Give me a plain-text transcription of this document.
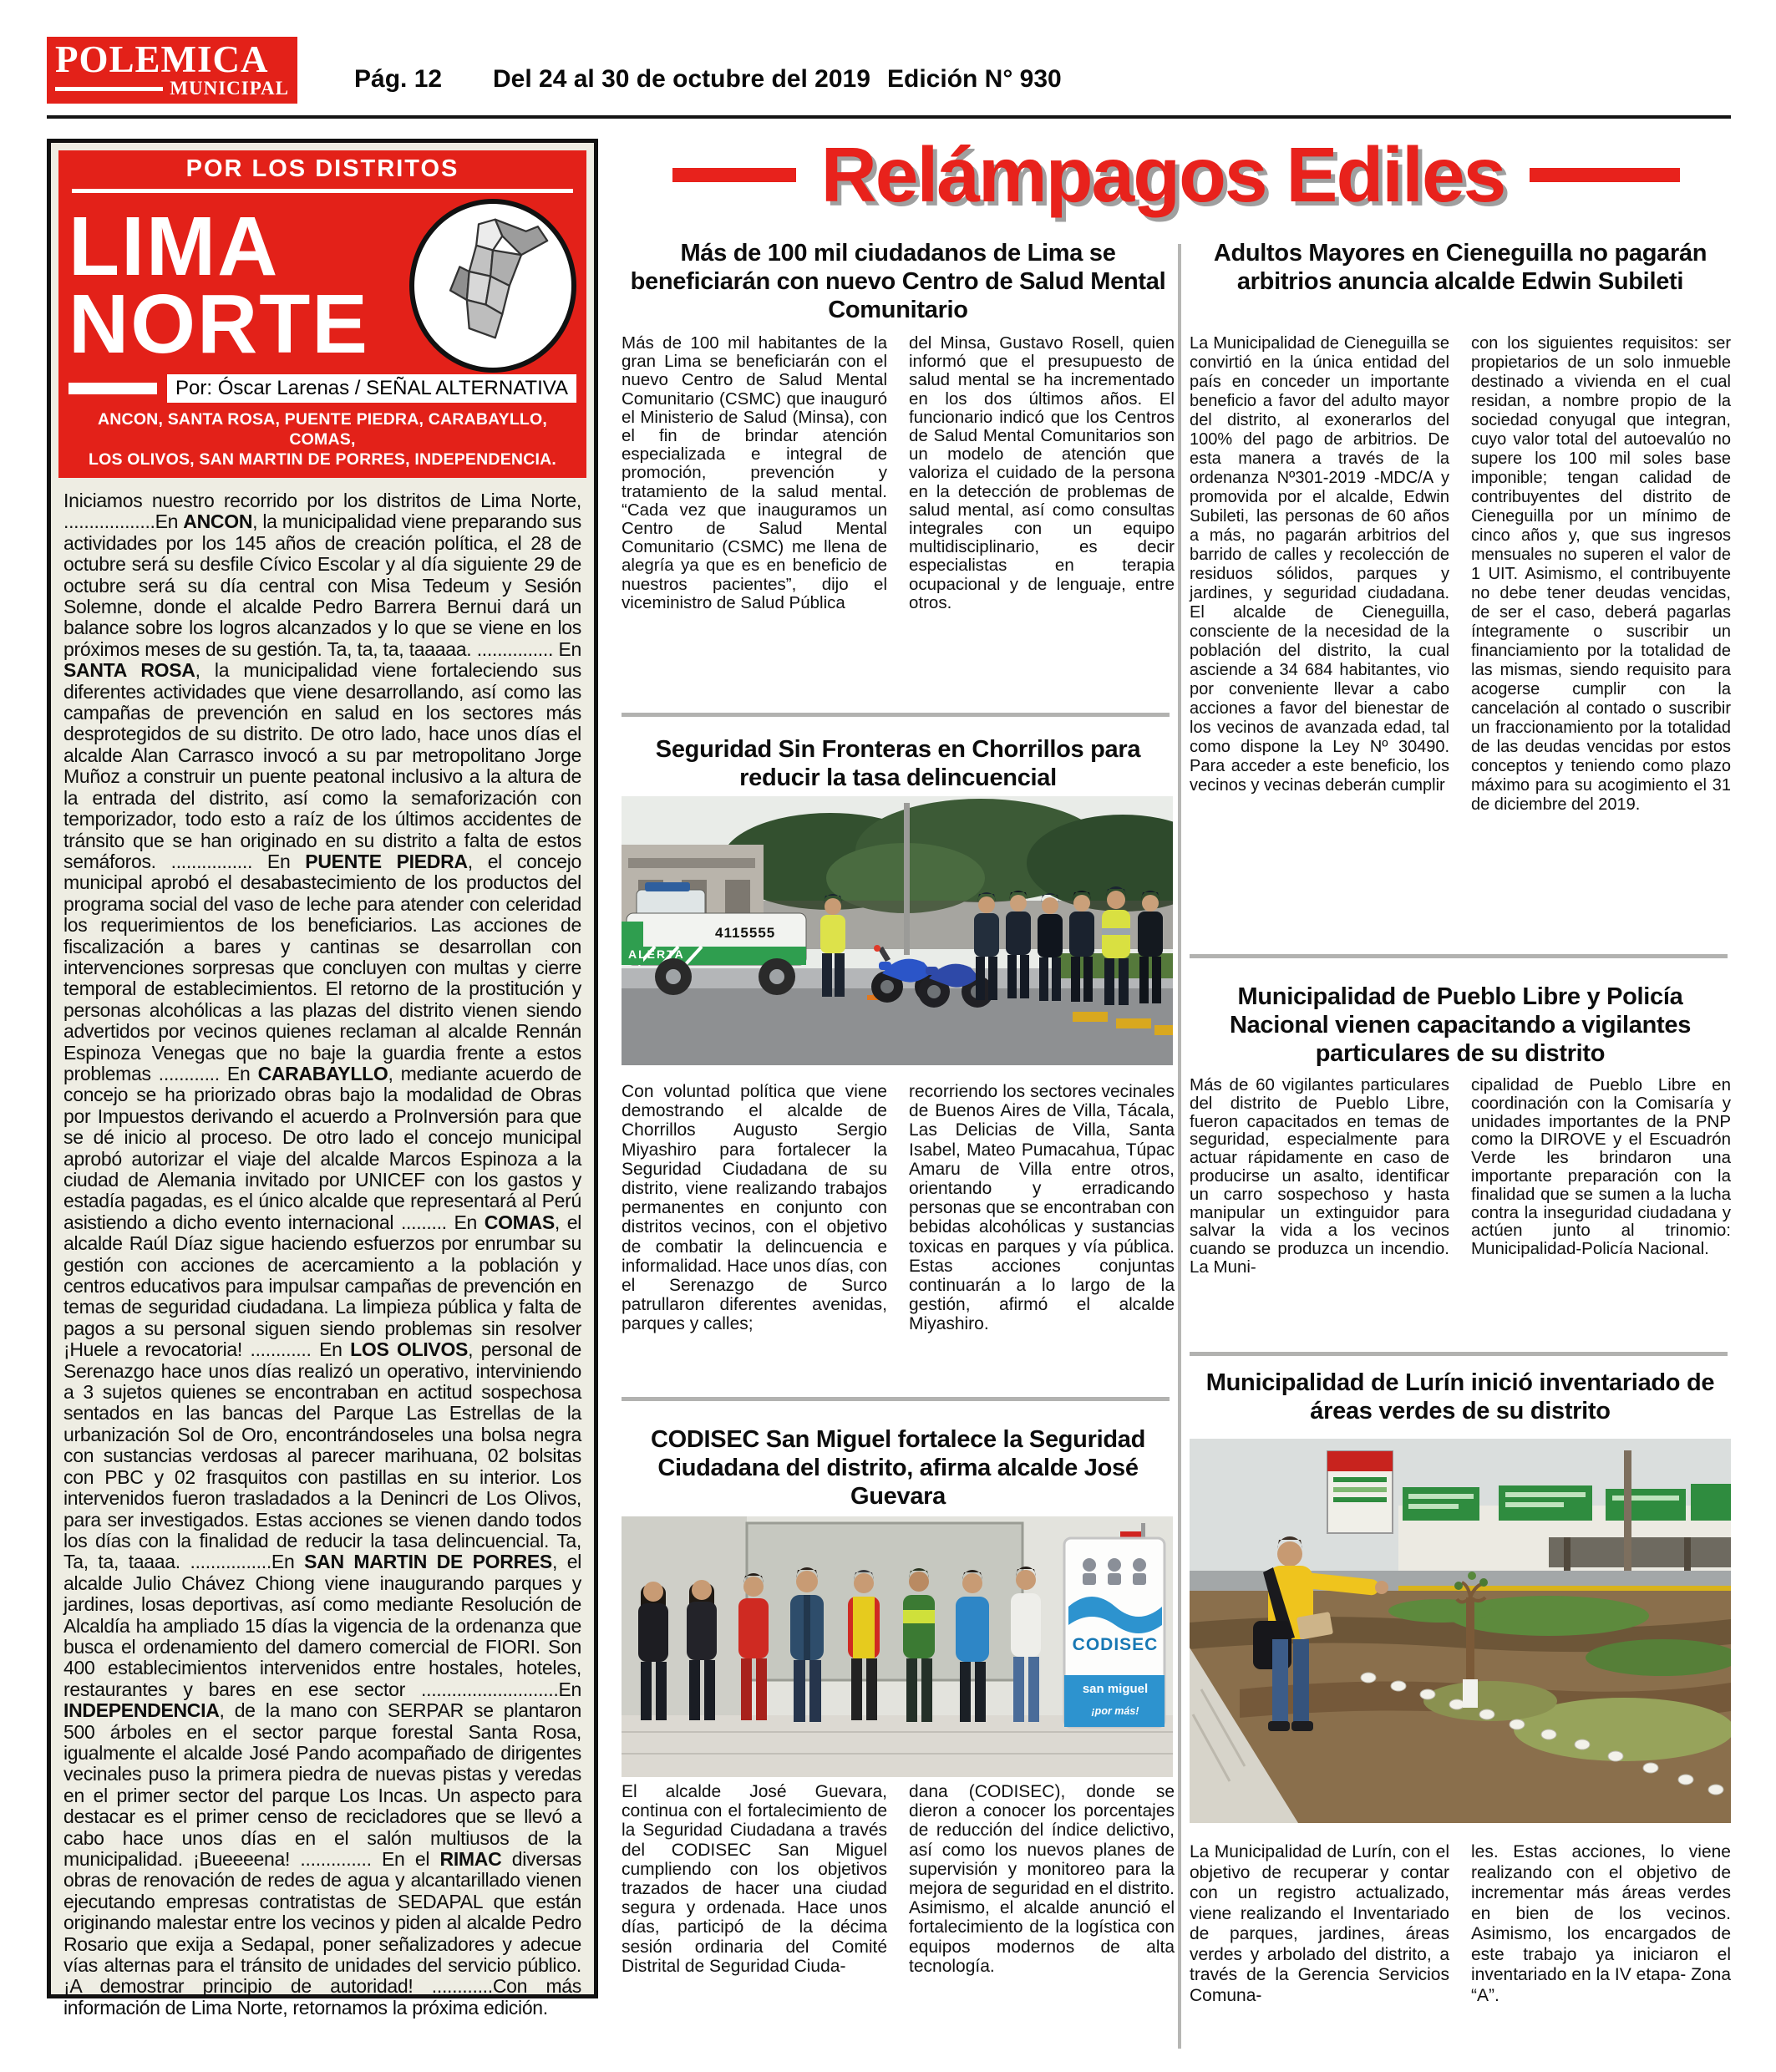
POLEMICA
MUNICIPAL	Pág. 12 Del 24 al 30 de octubre del 2019 Edición N° 930
Relámpagos Ediles
POR LOS DISTRITOS
LIMA
NORTE
Por: Óscar Larenas / SEÑAL ALTERNATIVA
ANCON, SANTA ROSA, PUENTE PIEDRA, CARABAYLLO, COMAS,
LOS OLIVOS, SAN MARTIN DE PORRES, INDEPENDENCIA.
Iniciamos nuestro recorrido por los distritos de Lima Norte, ..................En ANCON, la municipalidad viene preparando sus actividades por los 145 años de creación política, el 28 de octubre será su desfile Cívico Escolar y al día siguiente 29 de octubre será su día central con Misa Tedeum y Sesión Solemne, donde el alcalde Pedro Barrera Bernui dará un balance sobre los logros alcanzados y lo que se viene en los próximos meses de su gestión. Ta, ta, ta, taaaaa. ............... En SANTA ROSA, la municipalidad viene fortaleciendo sus diferentes actividades que viene desarrollando, así como las campañas de prevención en salud en los sectores más desprotegidos de su distrito. De otro lado, hace unos días el alcalde Alan Carrasco invocó a su par metropolitano Jorge Muñoz a construir un puente peatonal inclusivo a la altura de la entrada del distrito, así como la semaforización con temporizador, todo esto a raíz de los últimos accidentes de tránsito que se han originado en su distrito a falta de estos semáforos. ................ En PUENTE PIEDRA, el concejo municipal aprobó el desabastecimiento de los productos del programa social del vaso de leche para atender con celeridad los requerimientos de los beneficiarios. Las acciones de fiscalización a bares y cantinas se desarrollan con intervenciones sorpresas que concluyen con multas y cierre temporal de establecimientos. El retorno de la prostitución y personas alcohólicas a las plazas del distrito vienen siendo advertidos por vecinos quienes reclaman al alcalde Rennán Espinoza Venegas que no baje la guardia frente a estos problemas ............ En CARABAYLLO, mediante acuerdo de concejo se ha priorizado obras bajo la modalidad de Obras por Impuestos derivando el acuerdo a ProInversión para que se dé inicio al proceso. De otro lado el concejo municipal aprobó autorizar el viaje del alcalde Marcos Espinoza a la ciudad de Alemania invitado por UNICEF con los gastos y estadía pagadas, es el único alcalde que representará al Perú asistiendo a dicho evento internacional ......... En COMAS, el alcalde Raúl Díaz sigue haciendo esfuerzos por enrumbar su gestión con acciones de acercamiento a la población y centros educativos para impulsar campañas de prevención en temas de seguridad ciudadana. La limpieza pública y falta de pagos a su personal siguen siendo problemas sin resolver ¡Huele a revocatoria! ............ En LOS OLIVOS, personal de Serenazgo hace unos días realizó un operativo, interviniendo a 3 sujetos quienes se encontraban en actitud sospechosa sentados en las bancas del Parque Las Estrellas de la urbanización Sol de Oro, encontrándoseles una bolsa negra con sustancias verdosas al parecer marihuana, 02 bolsitas con PBC y 02 frasquitos con pastillas en su interior. Los intervenidos fueron trasladados a la Denincri de Los Olivos, para ser investigados. Estas acciones se vienen dando todos los días con la finalidad de reducir la tasa delincuencial. Ta, Ta, ta, taaaa. ................En SAN MARTIN DE PORRES, el alcalde Julio Chávez Chiong viene inaugurando parques y jardines, losas deportivas, así como mediante Resolución de Alcaldía ha ampliado 15 días la vigencia de la ordenanza que busca el ordenamiento del damero comercial de FIORI. Son 400 establecimientos intervenidos entre hostales, hoteles, restaurantes y bares en ese sector ...........................En INDEPENDENCIA, de la mano con SERPAR se plantaron 500 árboles en el sector parque forestal Santa Rosa, igualmente el alcalde José Pando acompañado de dirigentes vecinales puso la primera piedra de nuevas pistas y veredas en el primer sector del parque Los Incas. Un aspecto para destacar es el primer censo de recicladores que se llevó a cabo hace unos días en el salón multiusos de la municipalidad. ¡Bueeeena! .............. En el RIMAC diversas obras de renovación de redes de agua y alcantarillado vienen ejecutando empresas contratistas de SEDAPAL que están originando malestar entre los vecinos y piden al alcalde Pedro Rosario que exija a Sedapal, poner señalizadores y adecue vías alternas para el tránsito de unidades del servicio público. ¡A demostrar principio de autoridad! ............Con más información de Lima Norte, retornamos la próxima edición.
Más de 100 mil ciudadanos de Lima se beneficiarán con nuevo Centro de Salud Mental Comunitario
Más de 100 mil habitantes de la gran Lima se beneficiarán con el nuevo Centro de Salud Mental Comunitario (CSMC) que inauguró el Ministerio de Salud (Minsa), con el fin de brindar atención especializada e integral de promoción, prevención y tratamiento de la salud mental. “Cada vez que inauguramos un Centro de Salud Mental Comunitario (CSMC) me llena de alegría ya que es en beneficio de nuestros pacientes”, dijo el viceministro de Salud Pública
del Minsa, Gustavo Rosell, quien informó que el presupuesto de salud mental se ha incrementado en los dos últimos años. El funcionario indicó que los Centros de Salud Mental Comunitarios son un modelo de atención que valoriza el cuidado de la persona en la detección de problemas de salud mental, así como consultas integrales con un equipo multidisciplinario, es decir especialistas en terapia ocupacional y de lenguaje, entre otros.
Seguridad Sin Fronteras en Chorrillos para reducir la tasa delincuencial
4115555
ALERTA
Con voluntad política que viene demostrando el alcalde de Chorrillos Augusto Sergio Miyashiro para fortalecer la Seguridad Ciudadana de su distrito, viene realizando trabajos permanentes en conjunto con distritos vecinos, con el objetivo de combatir la delincuencia e informalidad. Hace unos días, con el Serenazgo de Surco patrullaron diferentes avenidas, parques y calles;
recorriendo los sectores vecinales de Buenos Aires de Villa, Tácala, Las Delicias de Villa, Santa Isabel, Mateo Pumacahua, Túpac Amaru de Villa entre otros, orientando y erradicando personas que se encontraban con bebidas alcohólicas y sustancias toxicas en parques y vía pública. Estas acciones conjuntas continuarán a lo largo de la gestión, afirmó el alcalde Miyashiro.
CODISEC San Miguel fortalece la Seguridad Ciudadana del distrito, afirma alcalde José Guevara
CODISEC
san miguel
¡por más!
El alcalde José Guevara, continua con el fortalecimiento de la Seguridad Ciudadana a través del CODISEC San Miguel cumpliendo con los objetivos trazados de hacer una ciudad segura y ordenada. Hace unos días, participó de la décima sesión ordinaria del Comité Distrital de Seguridad Ciuda-
dana (CODISEC), donde se dieron a conocer los porcentajes de reducción del índice delictivo, así como los nuevos planes de supervisión y monitoreo para la mejora de seguridad en el distrito. Asimismo, el alcalde anunció el fortalecimiento de la logística con equipos modernos de alta tecnología.
Adultos Mayores en Cieneguilla no pagarán arbitrios anuncia alcalde Edwin Subileti
La Municipalidad de Cieneguilla se convirtió en la única entidad del país en conceder un importante beneficio a favor del adulto mayor del distrito, al exonerarlos del 100% del pago de arbitrios. De esta manera a través de la ordenanza Nº301-2019 -MDC/A y promovida por el alcalde, Edwin Subileti, las personas de 60 años a más, no pagarán arbitrios del barrido de calles y recolección de residuos sólidos, parques y jardines, y seguridad ciudadana. El alcalde de Cieneguilla, consciente de la necesidad de la población del distrito, la cual asciende a 34 684 habitantes, vio por conveniente llevar a cabo acciones a favor del bienestar de los vecinos de avanzada edad, tal como dispone la Ley Nº 30490. Para acceder a este beneficio, los vecinos y vecinas deberán cumplir
con los siguientes requisitos: ser propietarios de un solo inmueble destinado a vivienda en el cual residan, a nombre propio de la sociedad conyugal que integran, cuyo valor total del autoevalúo no supere los 100 mil soles base imponible; tengan calidad de contribuyentes del distrito de Cieneguilla por un mínimo de cinco años y, que sus ingresos mensuales no superen el valor de 1 UIT. Asimismo, el contribuyente no debe tener deudas vencidas, de ser el caso, deberá pagarlas íntegramente o suscribir un financiamiento por la totalidad de las mismas, siendo requisito para acogerse cumplir con la cancelación al contado o suscribir un fraccionamiento por la totalidad de las deudas vencidas por estos conceptos y teniendo como plazo máximo para su acogimiento el 31 de diciembre del 2019.
Municipalidad de Pueblo Libre y Policía Nacional vienen capacitando a vigilantes particulares de su distrito
Más de 60 vigilantes particulares del distrito de Pueblo Libre, fueron capacitados en temas de seguridad, especialmente para actuar rápidamente en caso de producirse un asalto, identificar un carro sospechoso y hasta manipular un extinguidor para salvar la vida a los vecinos cuando se produzca un incendio. La Muni-
cipalidad de Pueblo Libre en coordinación con la Comisaría y unidades importantes de la PNP como la DIROVE y el Escuadrón Verde les brindaron una importante preparación con la finalidad que se sumen a la lucha contra la inseguridad ciudadana y actúen junto al trinomio: Municipalidad-Policía Nacional.
Municipalidad de Lurín inició inventariado de áreas verdes de su distrito
La Municipalidad de Lurín, con el objetivo de recuperar y contar con un registro actualizado, viene realizando el Inventariado de parques, jardines, áreas verdes y arbolado del distrito, a través de la Gerencia Servicios Comuna-
les. Estas acciones, lo viene realizando con el objetivo de incrementar más áreas verdes en bien de los vecinos. Asimismo, los encargados de este trabajo ya iniciaron el inventariado en la IV etapa- Zona “A”.
